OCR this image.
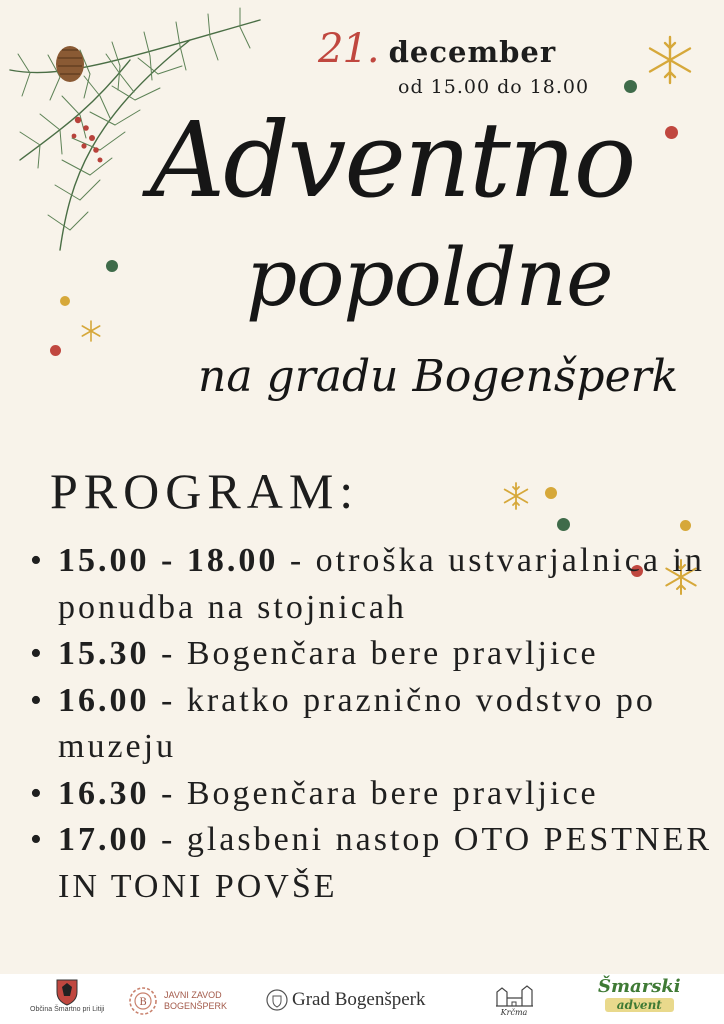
21. december
od 15.00 do 18.00
Adventno
popoldne
na gradu Bogenšperk
PROGRAM:
• 15.00 - 18.00 - otroška ustvarjalnica in ponudba na stojnicah
• 15.30 - Bogenčara bere pravljice
• 16.00 - kratko praznično vodstvo po muzeju
• 16.30 - Bogenčara bere pravljice
• 17.00 - glasbeni nastop OTO PESTNER IN TONI POVŠE
Občina Šmartno pri Litiji
B
JAVNI ZAVOD
BOGENŠPERK	Grad Bogenšperk
Krčma
Šmarski
advent
